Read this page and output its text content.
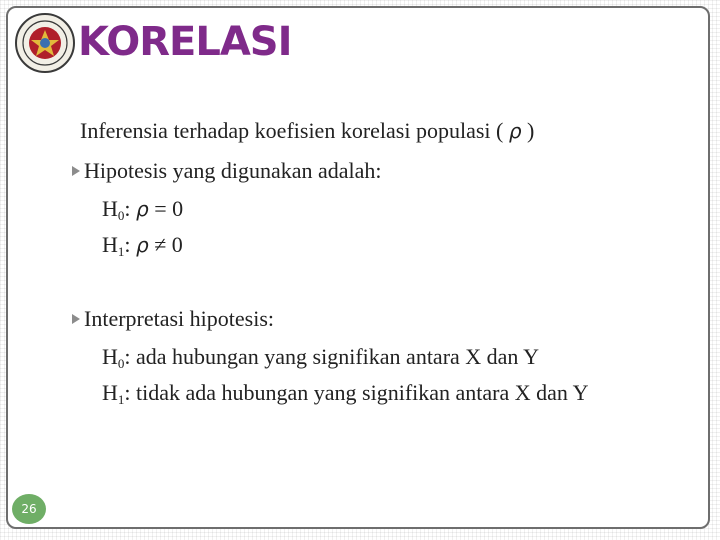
KORELASI
Inferensia terhadap koefisien korelasi populasi ( ρ )
Hipotesis yang digunakan adalah:
$H_0$: ρ = 0
$H_1$: ρ ≠ 0
Interpretasi hipotesis:
$H_0$: ada hubungan yang signifikan antara X dan Y
$H_1$: tidak ada hubungan yang signifikan antara X dan Y
26
